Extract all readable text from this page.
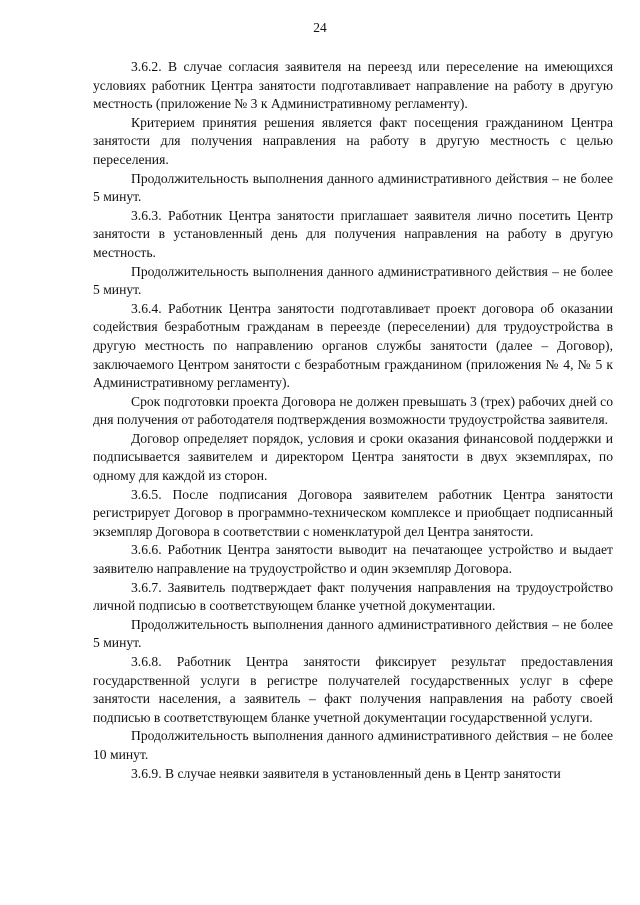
24

3.6.2. В случае согласия заявителя на переезд или переселение на имеющихся условиях работник Центра занятости подготавливает направление на работу в другую местность (приложение № 3 к Административному регламенту).

Критерием принятия решения является факт посещения гражданином Центра занятости для получения направления на работу в другую местность с целью переселения.

Продолжительность выполнения данного административного действия – не более 5 минут.

3.6.3. Работник Центра занятости приглашает заявителя лично посетить Центр занятости в установленный день для получения направления на работу в другую местность.

Продолжительность выполнения данного административного действия – не более 5 минут.

3.6.4. Работник Центра занятости подготавливает проект договора об оказании содействия безработным гражданам в переезде (переселении) для трудоустройства в другую местность по направлению органов службы занятости (далее – Договор), заключаемого Центром занятости с безработным гражданином (приложения № 4, № 5 к Административному регламенту).

Срок подготовки проекта Договора не должен превышать 3 (трех) рабочих дней со дня получения от работодателя подтверждения возможности трудоустройства заявителя.

Договор определяет порядок, условия и сроки оказания финансовой поддержки и подписывается заявителем и директором Центра занятости в двух экземплярах, по одному для каждой из сторон.

3.6.5. После подписания Договора заявителем работник Центра занятости регистрирует Договор в программно-техническом комплексе и приобщает подписанный экземпляр Договора в соответствии с номенклатурой дел Центра занятости.

3.6.6. Работник Центра занятости выводит на печатающее устройство и выдает заявителю направление на трудоустройство и один экземпляр Договора.

3.6.7. Заявитель подтверждает факт получения направления на трудоустройство личной подписью в соответствующем бланке учетной документации.

Продолжительность выполнения данного административного действия – не более 5 минут.

3.6.8. Работник Центра занятости фиксирует результат предоставления государственной услуги в регистре получателей государственных услуг в сфере занятости населения, а заявитель – факт получения направления на работу своей подписью в соответствующем бланке учетной документации государственной услуги.

Продолжительность выполнения данного административного действия – не более 10 минут.

3.6.9. В случае неявки заявителя в установленный день в Центр занятости
